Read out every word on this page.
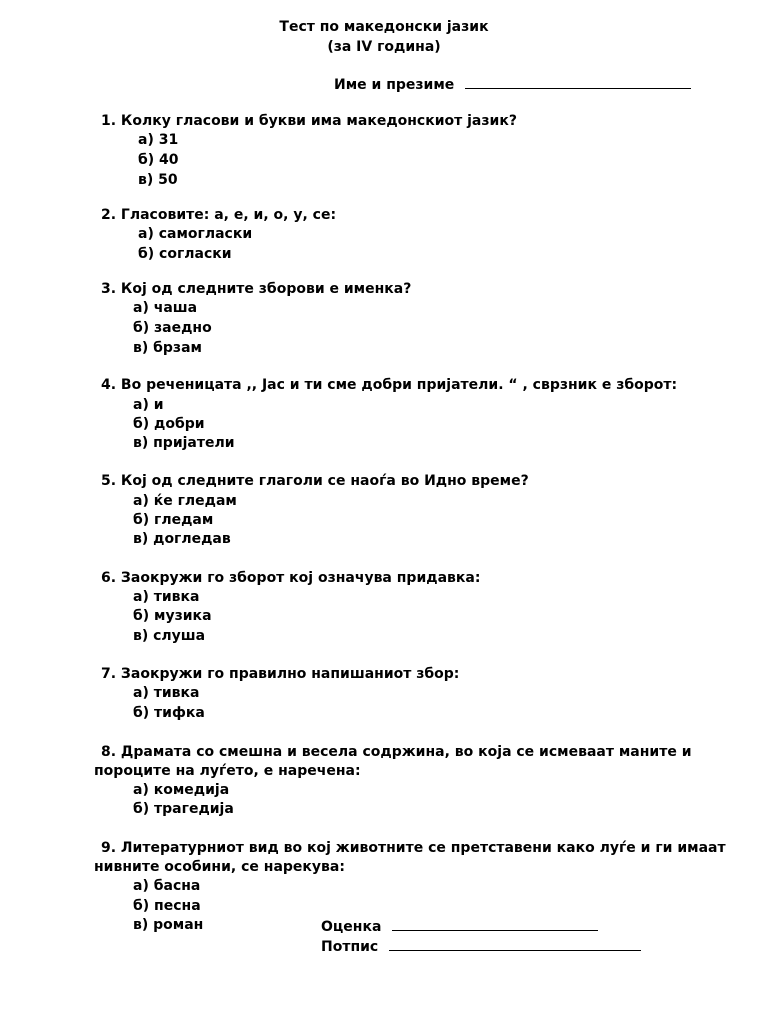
Тест по македонски јазик
(за IV година)
Име и презиме
1. Колку гласови и букви има македонскиот јазик?
а) 31
б) 40
в) 50
2. Гласовите: а, е, и, о, у, се:
а) самогласки
б) согласки
3. Кој од следните зборови е именка?
а) чаша
б) заедно
в) брзам
4. Во реченицата ,, Јас и ти сме добри пријатели. “ , сврзник е зборот:
а) и
б) добри
в) пријатели
5. Кој од следните глаголи се наоѓа во Идно време?
а) ќе гледам
б) гледам
в) догледав
6. Заокружи го зборот кој означува придавка:
а) тивка
б) музика
в) слуша
7. Заокружи го правилно напишаниот збор:
а) тивка
б) тифка
8. Драмата со смешна и весела содржина, во која се исмеваат маните и
пороците на луѓето, е наречена:
а) комедија
б) трагедија
9. Литературниот вид во кој животните се претставени како луѓе и ги имаат
нивните особини, се нарекува:
а) басна
б) песна
в) роман	Оценка
Потпис
